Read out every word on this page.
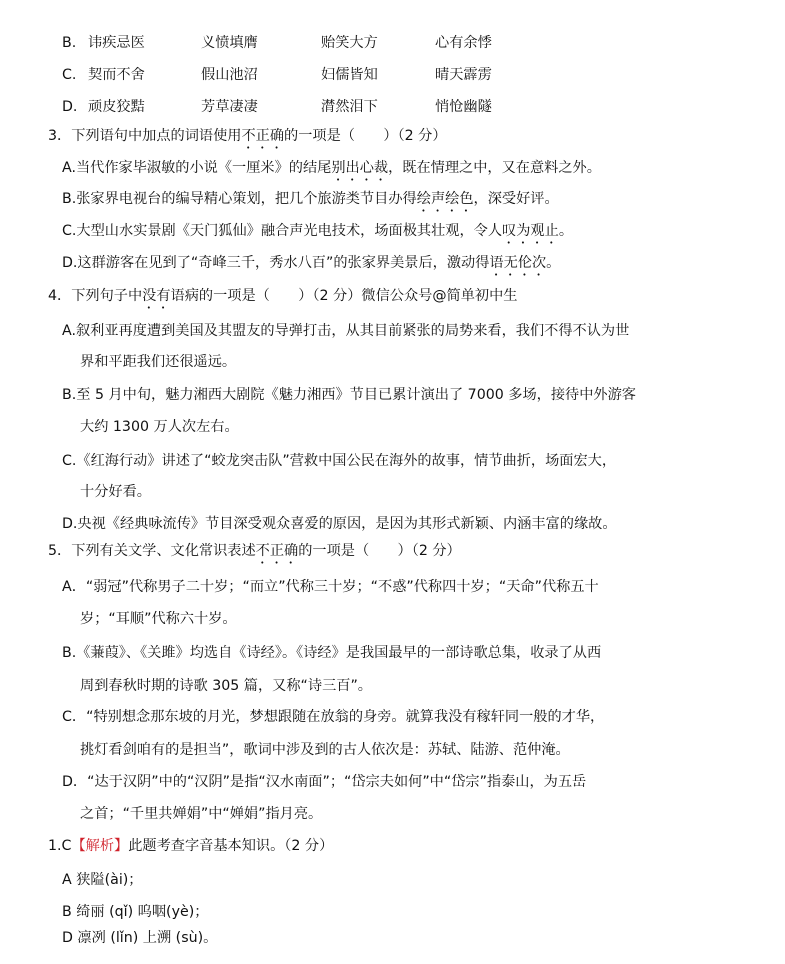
B. 讳疾忌医	义愤填膺	贻笑大方	心有余悸
C. 契而不舍	假山池沼	妇儒皆知	晴天霹雳
D. 顽皮狡黠	芳草凄凄	潸然泪下	悄怆幽隧
3．下列语句中加点的词语使用不正确的一项是（　　）（2 分）
A.当代作家毕淑敏的小说《一厘米》的结尾别出心裁，既在情理之中，又在意料之外。
B.张家界电视台的编导精心策划，把几个旅游类节目办得绘声绘色，深受好评。
C.大型山水实景剧《天门狐仙》融合声光电技术，场面极其壮观，令人叹为观止。
D.这群游客在见到了“奇峰三千，秀水八百”的张家界美景后，激动得语无伦次。
4．下列句子中没有语病的一项是（　　）（2 分）微信公众号@简单初中生
A.叙利亚再度遭到美国及其盟友的导弹打击，从其目前紧张的局势来看，我们不得不认为世
界和平距我们还很遥远。
B.至 5 月中旬，魅力湘西大剧院《魅力湘西》节目已累计演出了 7000 多场，接待中外游客
大约 1300 万人次左右。
C.《红海行动》讲述了“蛟龙突击队”营救中国公民在海外的故事，情节曲折，场面宏大，
十分好看。
D.央视《经典咏流传》节目深受观众喜爱的原因，是因为其形式新颖、内涵丰富的缘故。
5．下列有关文学、文化常识表述不正确的一项是（　　）（2 分）
A．“弱冠”代称男子二十岁；“而立”代称三十岁；“不惑”代称四十岁；“天命”代称五十
岁；“耳顺”代称六十岁。
B.《蒹葭》、《关雎》均选自《诗经》。《诗经》是我国最早的一部诗歌总集，收录了从西
周到春秋时期的诗歌 305 篇，又称“诗三百”。
C．“特别想念那东坡的月光，梦想跟随在放翁的身旁。就算我没有稼轩同一般的才华，
挑灯看剑咱有的是担当”，歌词中涉及到的古人依次是：苏轼、陆游、范仲淹。
D．“达于汉阴”中的“汉阴”是指“汉水南面”；“岱宗夫如何”中“岱宗”指泰山，为五岳
之首；“千里共婵娟”中“婵娟”指月亮。
1.C【解析】此题考查字音基本知识。（2 分）
A 狭隘(ài)；
B 绮丽 (qǐ) 呜咽(yè)；
D 凛冽 (lǐn) 上溯 (sù)。
